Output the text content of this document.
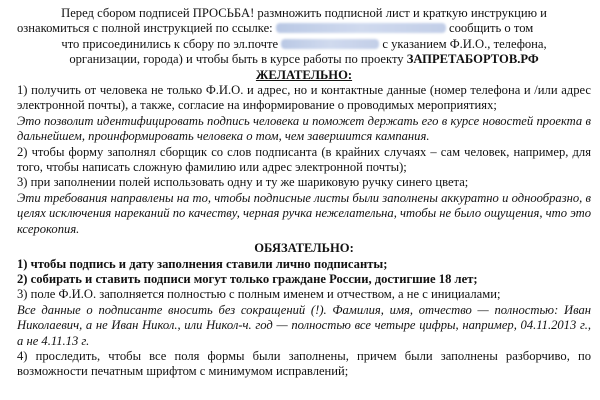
Перед сбором подписей ПРОСЬБА! размножить подписной лист и краткую инструкцию и

ознакомиться с полной инструкцией по ссылке:	сообщить о том

что присоединились к сбору по эл.почте	с указанием Ф.И.О., телефона,

организации, города) и чтобы быть в курсе работы по проекту ЗАПРЕТАБОРТОВ.РФ

ЖЕЛАТЕЛЬНО:

1) получить от человека не только Ф.И.О. и адрес, но и контактные данные (номер телефона и /или адрес электронной почты), а также, согласие на информирование о проводимых мероприятиях;

Это позволит идентифицировать подпись человека и поможет держать его в курсе новостей проекта в дальнейшем, проинформировать человека о том, чем завершится кампания.

2) чтобы форму заполнял сборщик со слов подписанта (в крайних случаях – сам человек, например, для того, чтобы написать сложную фамилию или адрес электронной почты);

3) при заполнении полей использовать одну и ту же шариковую ручку синего цвета;

Эти требования направлены на то, чтобы подписные листы были заполнены аккуратно и однообразно, в целях исключения нареканий по качеству, черная ручка нежелательна, чтобы не было ощущения, что это ксерокопия.

ОБЯЗАТЕЛЬНО:

1) чтобы подпись и дату заполнения ставили лично подписанты;

2) собирать и ставить подписи могут только граждане России, достигшие 18 лет;

3) поле Ф.И.О. заполняется полностью с полным именем и отчеством, а не с инициалами;

Все данные о подписанте вносить без сокращений (!). Фамилия, имя, отчество — полностью: Иван Николаевич, а не Иван Никол., или Никол-ч. год — полностью все четыре цифры, например, 04.11.2013 г., а не 4.11.13 г.

4) проследить, чтобы все поля формы были заполнены, причем были заполнены разборчиво, по возможности печатным шрифтом с минимумом исправлений;
